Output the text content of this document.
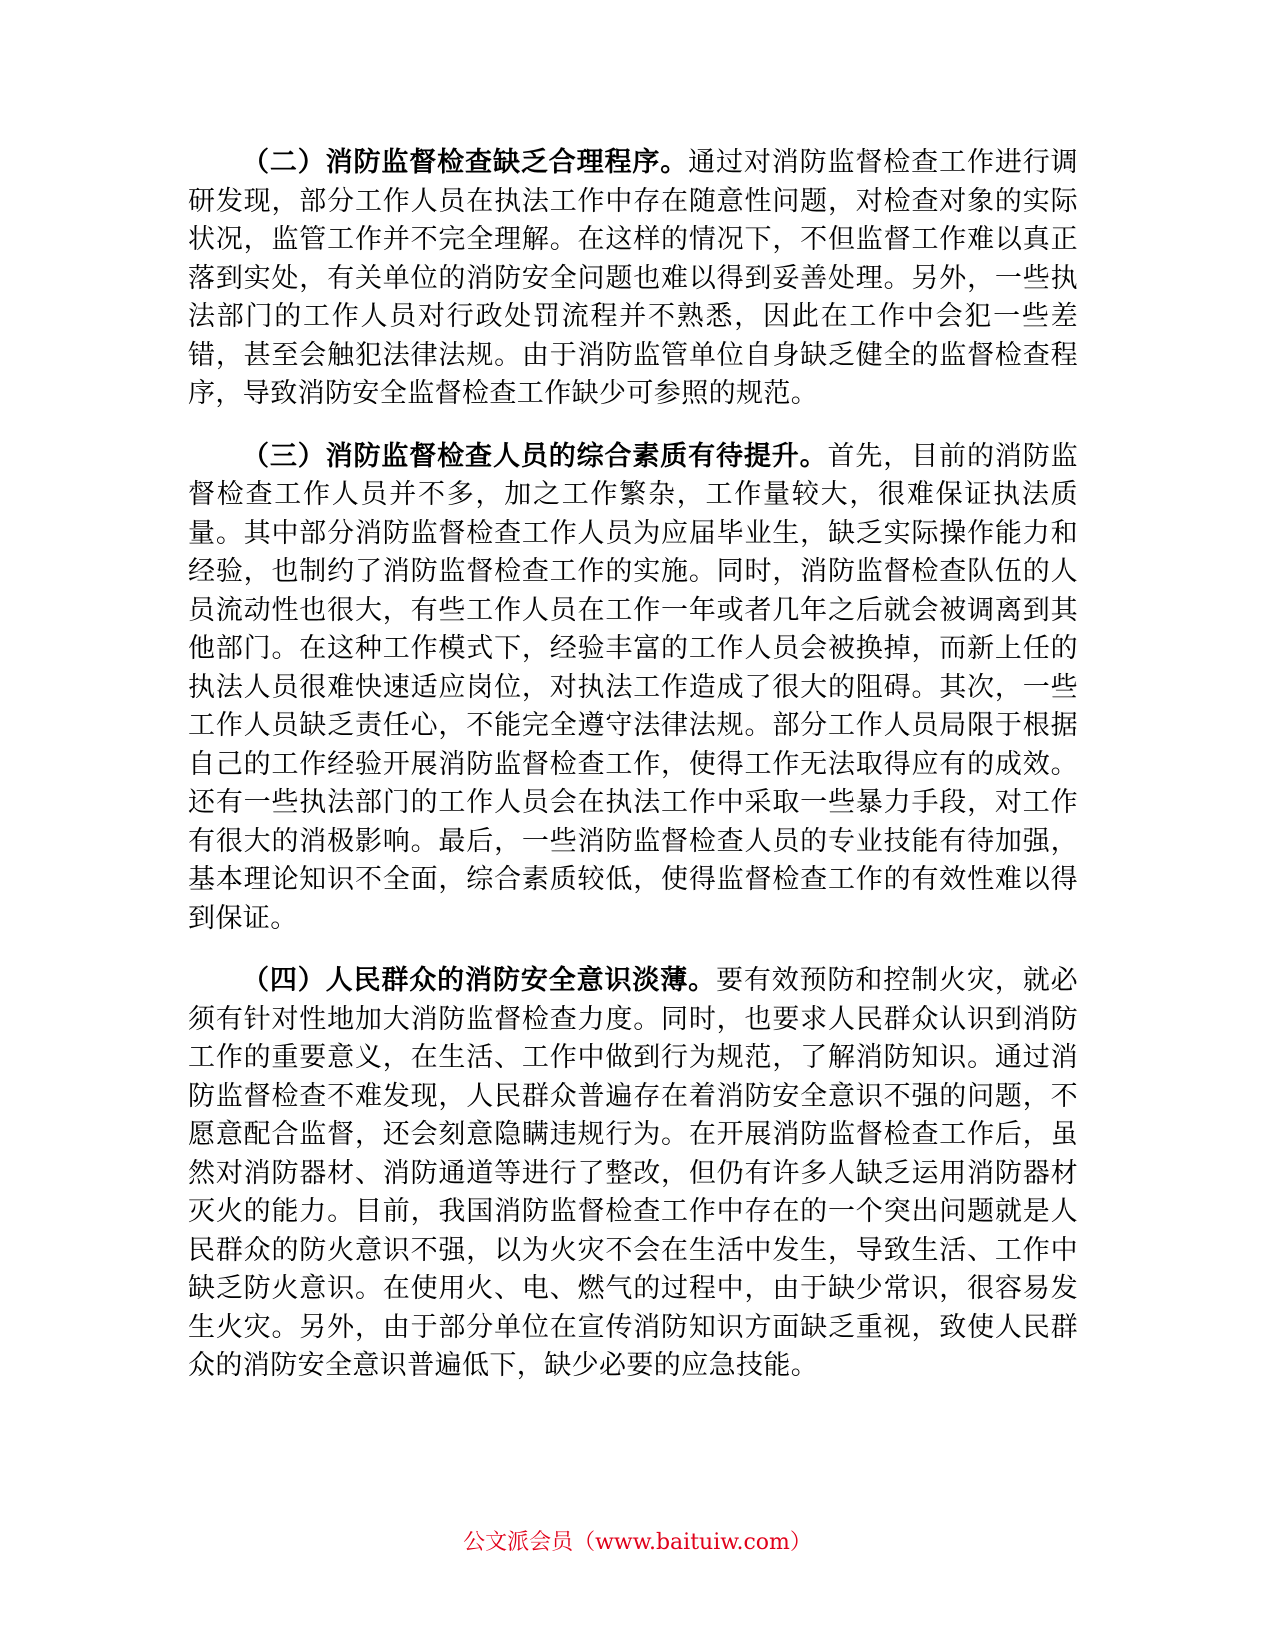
（二）消防监督检查缺乏合理程序。通过对消防监督检查工作进行调研发现，部分工作人员在执法工作中存在随意性问题，对检查对象的实际状况，监管工作并不完全理解。在这样的情况下，不但监督工作难以真正落到实处，有关单位的消防安全问题也难以得到妥善处理。另外，一些执法部门的工作人员对行政处罚流程并不熟悉，因此在工作中会犯一些差错，甚至会触犯法律法规。由于消防监管单位自身缺乏健全的监督检查程序，导致消防安全监督检查工作缺少可参照的规范。

（三）消防监督检查人员的综合素质有待提升。首先，目前的消防监督检查工作人员并不多，加之工作繁杂，工作量较大，很难保证执法质量。其中部分消防监督检查工作人员为应届毕业生，缺乏实际操作能力和经验，也制约了消防监督检查工作的实施。同时，消防监督检查队伍的人员流动性也很大，有些工作人员在工作一年或者几年之后就会被调离到其他部门。在这种工作模式下，经验丰富的工作人员会被换掉，而新上任的执法人员很难快速适应岗位，对执法工作造成了很大的阻碍。其次，一些工作人员缺乏责任心，不能完全遵守法律法规。部分工作人员局限于根据自己的工作经验开展消防监督检查工作，使得工作无法取得应有的成效。还有一些执法部门的工作人员会在执法工作中采取一些暴力手段，对工作有很大的消极影响。最后，一些消防监督检查人员的专业技能有待加强，基本理论知识不全面，综合素质较低，使得监督检查工作的有效性难以得到保证。

（四）人民群众的消防安全意识淡薄。要有效预防和控制火灾，就必须有针对性地加大消防监督检查力度。同时，也要求人民群众认识到消防工作的重要意义，在生活、工作中做到行为规范，了解消防知识。通过消防监督检查不难发现，人民群众普遍存在着消防安全意识不强的问题，不愿意配合监督，还会刻意隐瞒违规行为。在开展消防监督检查工作后，虽然对消防器材、消防通道等进行了整改，但仍有许多人缺乏运用消防器材灭火的能力。目前，我国消防监督检查工作中存在的一个突出问题就是人民群众的防火意识不强，以为火灾不会在生活中发生，导致生活、工作中缺乏防火意识。在使用火、电、燃气的过程中，由于缺少常识，很容易发生火灾。另外，由于部分单位在宣传消防知识方面缺乏重视，致使人民群众的消防安全意识普遍低下，缺少必要的应急技能。

公文派会员（www.baituiw.com）
